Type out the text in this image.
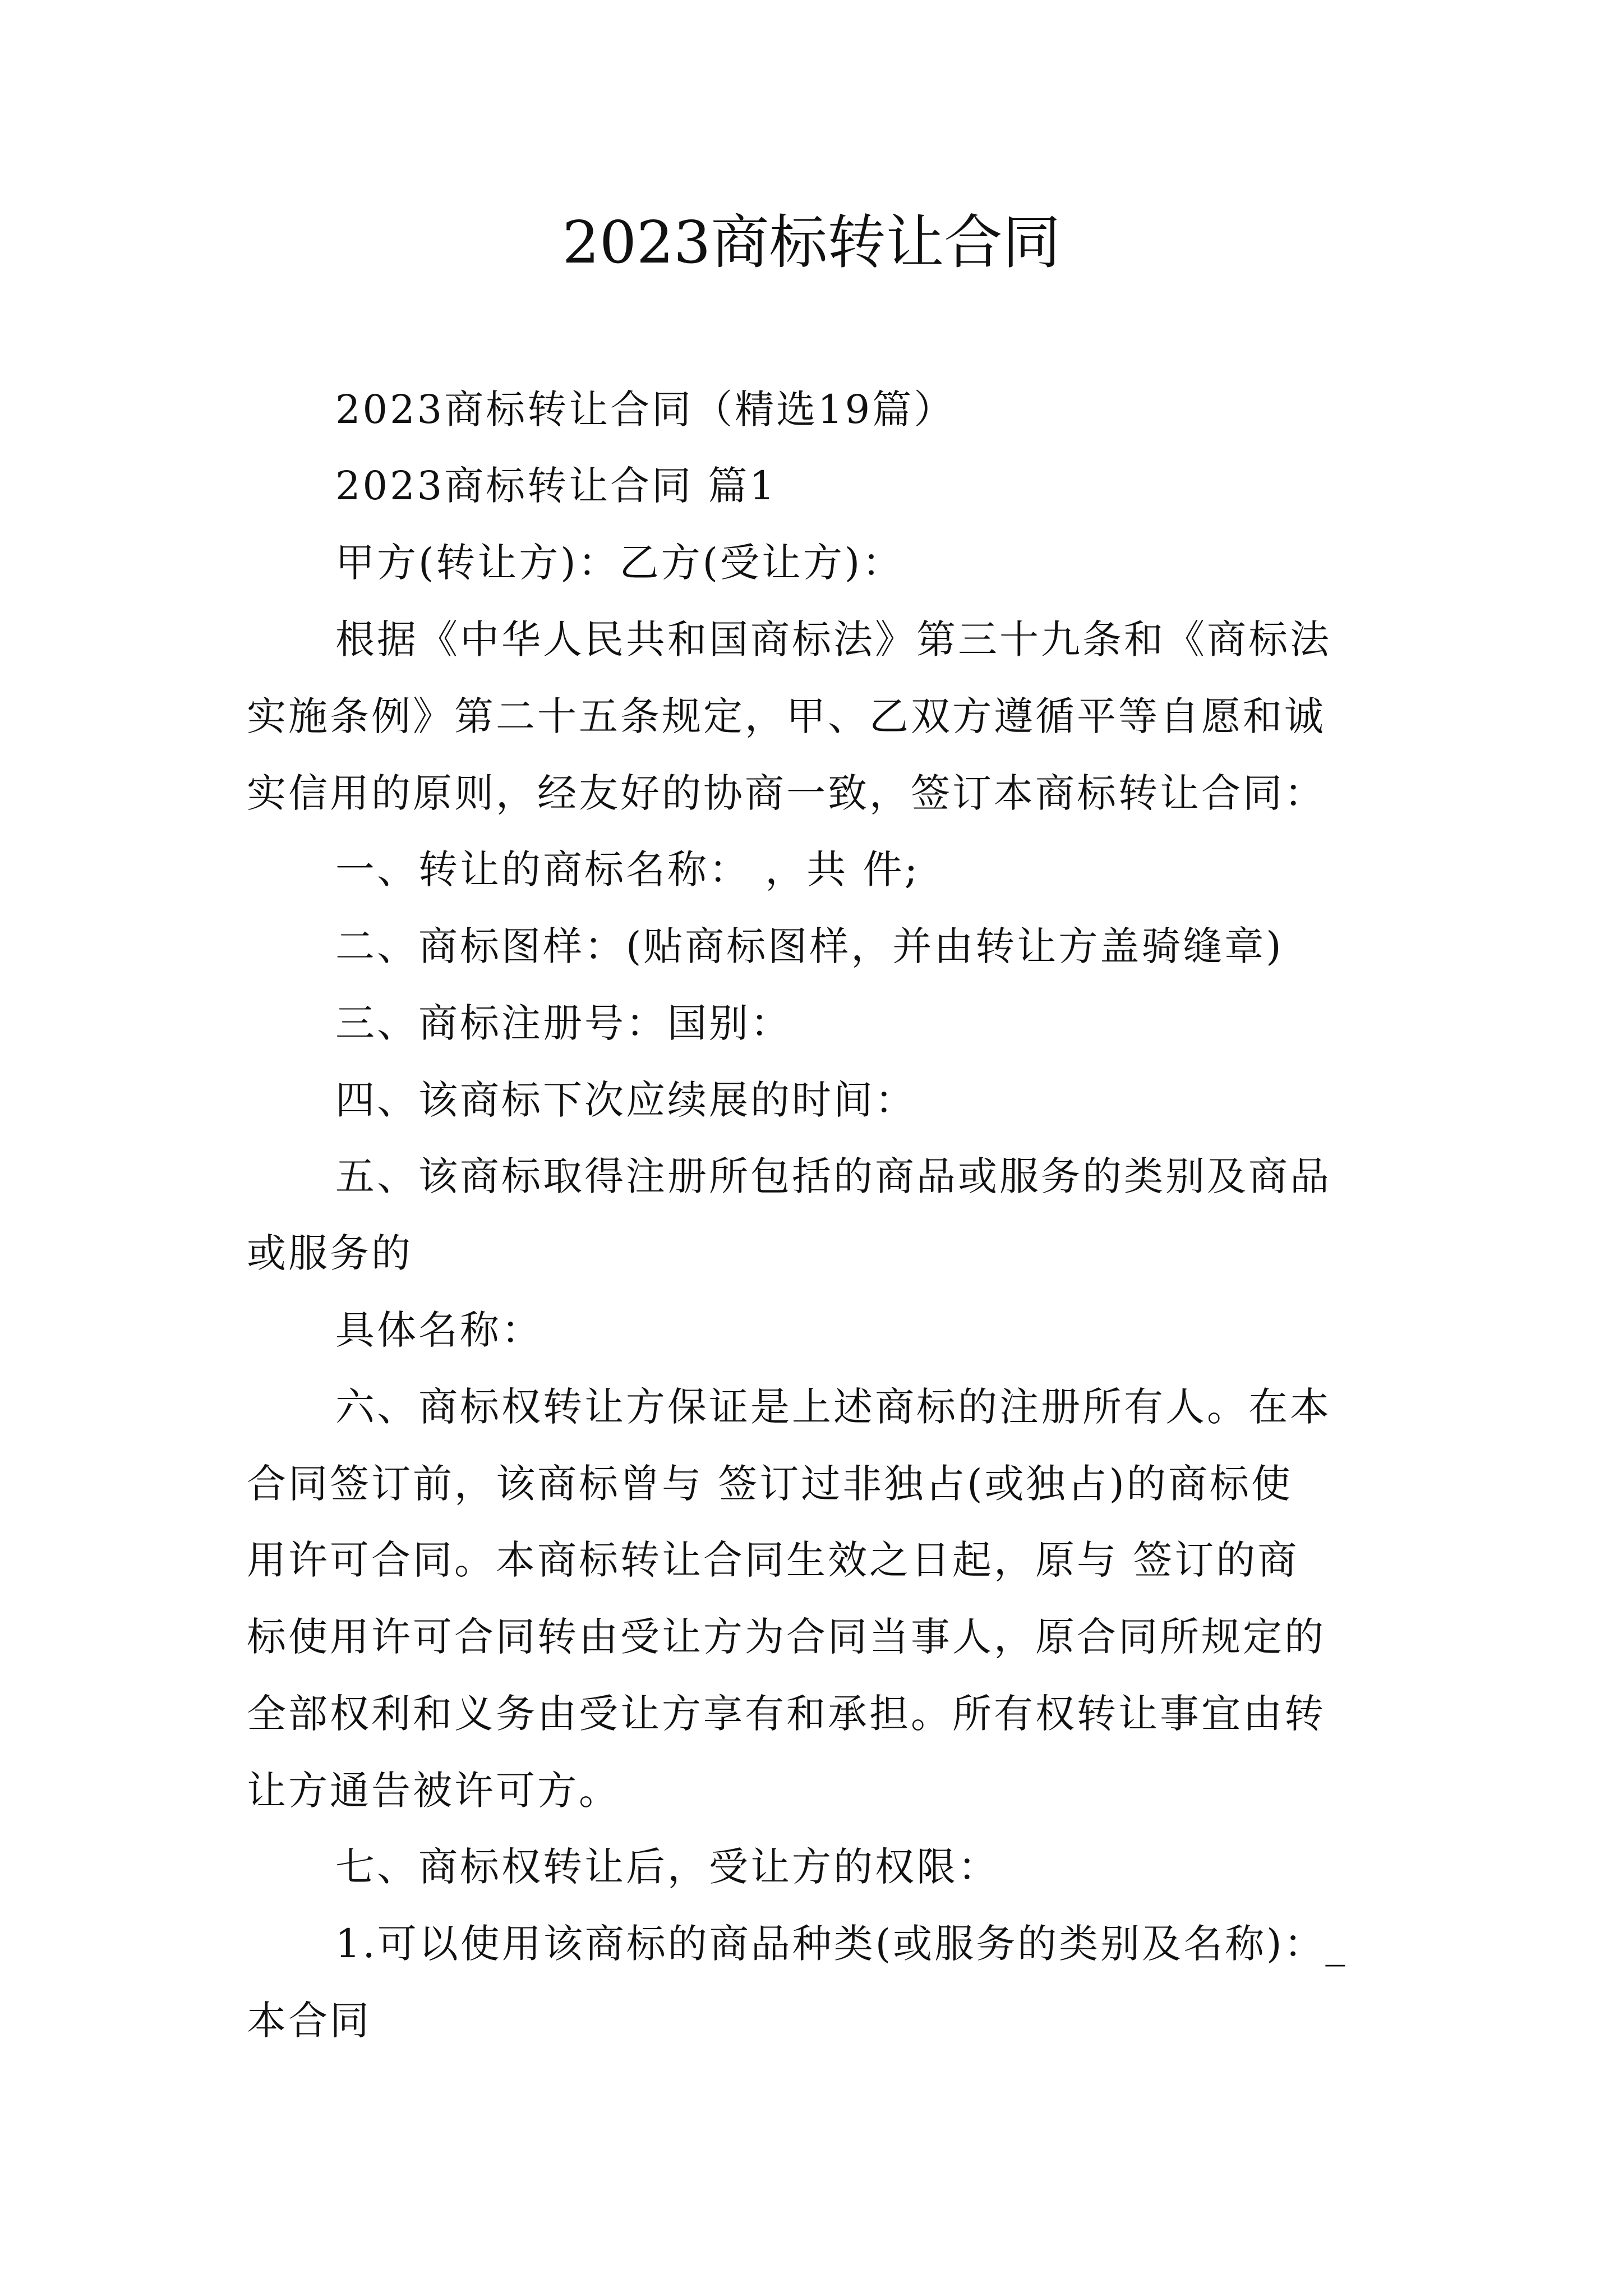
2023商标转让合同
2023商标转让合同（精选19篇）
2023商标转让合同 篇1
甲方(转让方)：乙方(受让方)：
根据《中华人民共和国商标法》第三十九条和《商标法
实施条例》第二十五条规定，甲、乙双方遵循平等自愿和诚
实信用的原则，经友好的协商一致，签订本商标转让合同：
一、转让的商标名称： ，共 件;
二、商标图样：(贴商标图样，并由转让方盖骑缝章)
三、商标注册号：国别：
四、该商标下次应续展的时间：
五、该商标取得注册所包括的商品或服务的类别及商品
或服务的
具体名称：
六、商标权转让方保证是上述商标的注册所有人。在本
合同签订前，该商标曾与 签订过非独占(或独占)的商标使
用许可合同。本商标转让合同生效之日起，原与 签订的商
标使用许可合同转由受让方为合同当事人，原合同所规定的
全部权利和义务由受让方享有和承担。所有权转让事宜由转
让方通告被许可方。
七、商标权转让后，受让方的权限：
1.可以使用该商标的商品种类(或服务的类别及名称)：_
本合同
